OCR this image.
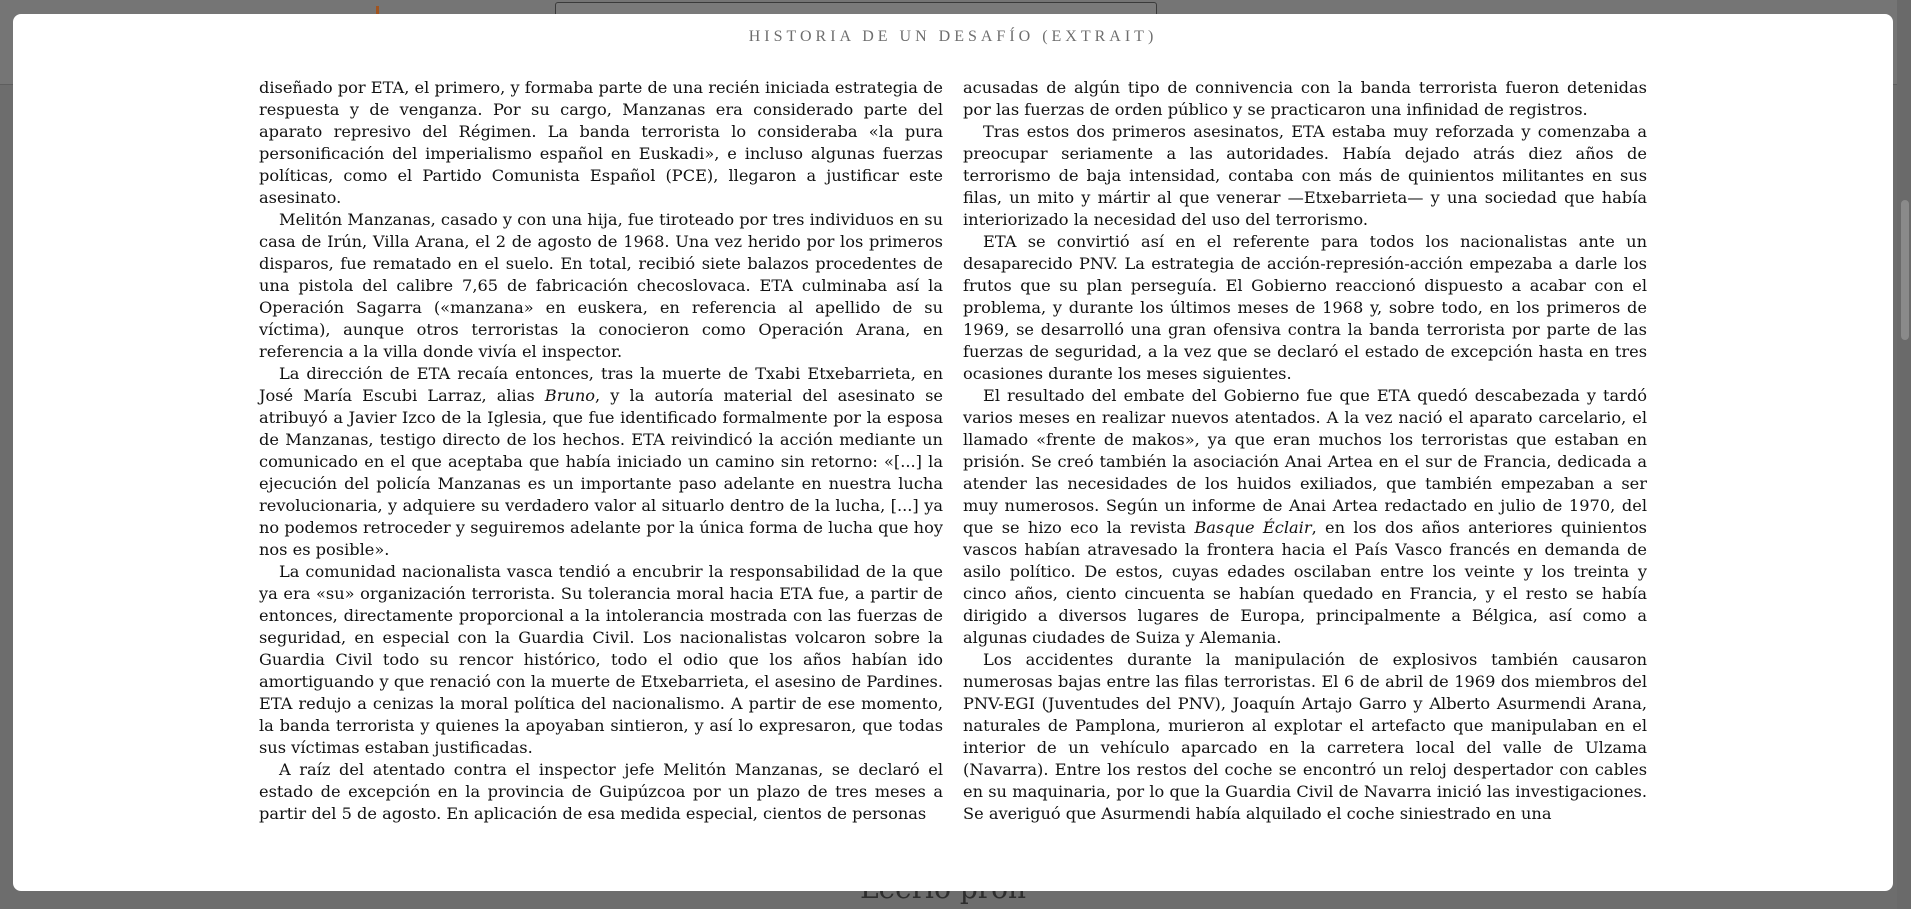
HISTORIA DE UN DESAFÍO (EXTRAIT)

diseñado por ETA, el primero, y formaba parte de una recién iniciada estrategia de respuesta y de venganza. Por su cargo, Manzanas era considerado parte del aparato represivo del Régimen. La banda terrorista lo consideraba «la pura personificación del imperialismo español en Euskadi», e incluso algunas fuerzas políticas, como el Partido Comunista Español (PCE), llegaron a justificar este asesinato.

Melitón Manzanas, casado y con una hija, fue tiroteado por tres individuos en su casa de Irún, Villa Arana, el 2 de agosto de 1968. Una vez herido por los primeros disparos, fue rematado en el suelo. En total, recibió siete balazos procedentes de una pistola del calibre 7,65 de fabricación checoslovaca. ETA culminaba así la Operación Sagarra («manzana» en euskera, en referencia al apellido de su víctima), aunque otros terroristas la conocieron como Operación Arana, en referencia a la villa donde vivía el inspector.

La dirección de ETA recaía entonces, tras la muerte de Txabi Etxebarrieta, en José María Escubi Larraz, alias Bruno, y la autoría material del asesinato se atribuyó a Javier Izco de la Iglesia, que fue identificado formalmente por la esposa de Manzanas, testigo directo de los hechos. ETA reivindicó la acción mediante un comunicado en el que aceptaba que había iniciado un camino sin retorno: «[...] la ejecución del policía Manzanas es un importante paso adelante en nuestra lucha revolucionaria, y adquiere su verdadero valor al situarlo dentro de la lucha, [...] ya no podemos retroceder y seguiremos adelante por la única forma de lucha que hoy nos es posible».

La comunidad nacionalista vasca tendió a encubrir la responsabilidad de la que ya era «su» organización terrorista. Su tolerancia moral hacia ETA fue, a partir de entonces, directamente proporcional a la intolerancia mostrada con las fuerzas de seguridad, en especial con la Guardia Civil. Los nacionalistas volcaron sobre la Guardia Civil todo su rencor histórico, todo el odio que los años habían ido amortiguando y que renació con la muerte de Etxebarrieta, el asesino de Pardines. ETA redujo a cenizas la moral política del nacionalismo. A partir de ese momento, la banda terrorista y quienes la apoyaban sintieron, y así lo expresaron, que todas sus víctimas estaban justificadas.

A raíz del atentado contra el inspector jefe Melitón Manzanas, se declaró el estado de excepción en la provincia de Guipúzcoa por un plazo de tres meses a partir del 5 de agosto. En aplicación de esa medida especial, cientos de personas

acusadas de algún tipo de connivencia con la banda terrorista fueron detenidas por las fuerzas de orden público y se practicaron una infinidad de registros.

Tras estos dos primeros asesinatos, ETA estaba muy reforzada y comenzaba a preocupar seriamente a las autoridades. Había dejado atrás diez años de terrorismo de baja intensidad, contaba con más de quinientos militantes en sus filas, un mito y mártir al que venerar —Etxebarrieta— y una sociedad que había interiorizado la necesidad del uso del terrorismo.

ETA se convirtió así en el referente para todos los nacionalistas ante un desaparecido PNV. La estrategia de acción-represión-acción empezaba a darle los frutos que su plan perseguía. El Gobierno reaccionó dispuesto a acabar con el problema, y durante los últimos meses de 1968 y, sobre todo, en los primeros de 1969, se desarrolló una gran ofensiva contra la banda terrorista por parte de las fuerzas de seguridad, a la vez que se declaró el estado de excepción hasta en tres ocasiones durante los meses siguientes.

El resultado del embate del Gobierno fue que ETA quedó descabezada y tardó varios meses en realizar nuevos atentados. A la vez nació el aparato carcelario, el llamado «frente de makos», ya que eran muchos los terroristas que estaban en prisión. Se creó también la asociación Anai Artea en el sur de Francia, dedicada a atender las necesidades de los huidos exiliados, que también empezaban a ser muy numerosos. Según un informe de Anai Artea redactado en julio de 1970, del que se hizo eco la revista Basque Éclair, en los dos años anteriores quinientos vascos habían atravesado la frontera hacia el País Vasco francés en demanda de asilo político. De estos, cuyas edades oscilaban entre los veinte y los treinta y cinco años, ciento cincuenta se habían quedado en Francia, y el resto se había dirigido a diversos lugares de Europa, principalmente a Bélgica, así como a algunas ciudades de Suiza y Alemania.

Los accidentes durante la manipulación de explosivos también causaron numerosas bajas entre las filas terroristas. El 6 de abril de 1969 dos miembros del PNV-EGI (Juventudes del PNV), Joaquín Artajo Garro y Alberto Asurmendi Arana, naturales de Pamplona, murieron al explotar el artefacto que manipulaban en el interior de un vehículo aparcado en la carretera local del valle de Ulzama (Navarra). Entre los restos del coche se encontró un reloj despertador con cables en su maquinaria, por lo que la Guardia Civil de Navarra inició las investigaciones. Se averiguó que Asurmendi había alquilado el coche siniestrado en una
